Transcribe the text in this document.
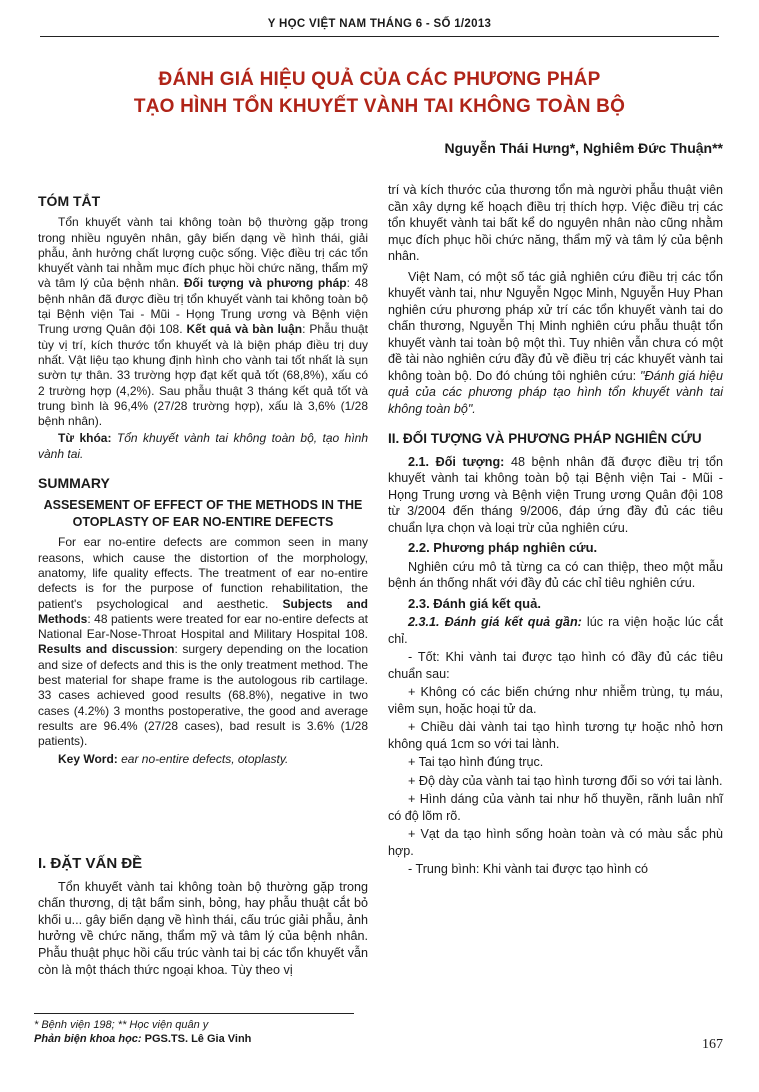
Y HỌC VIỆT NAM THÁNG 6 - SỐ 1/2013
ĐÁNH GIÁ HIỆU QUẢ CỦA CÁC PHƯƠNG PHÁP
TẠO HÌNH TỔN KHUYẾT VÀNH TAI KHÔNG TOÀN BỘ
Nguyễn Thái Hưng*, Nghiêm Đức Thuận**

TÓM TẮT

Tổn khuyết vành tai không toàn bộ thường gặp trong trong nhiều nguyên nhân, gây biến dạng về hình thái, giải phẫu, ảnh hưởng chất lượng cuộc sống. Việc điều trị các tổn khuyết vành tai nhằm mục đích phục hồi chức năng, thẩm mỹ và tâm lý của bệnh nhân. Đối tượng và phương pháp: 48 bệnh nhân đã được điều trị tổn khuyết vành tai không toàn bộ tại Bệnh viện Tai - Mũi - Họng Trung ương và Bệnh viện Trung ương Quân đội 108. Kết quả và bàn luận: Phẫu thuật tùy vị trí, kích thước tổn khuyết và là biện pháp điều trị duy nhất. Vật liệu tạo khung định hình cho vành tai tốt nhất là sụn sườn tự thân. 33 trường hợp đạt kết quả tốt (68,8%), xấu có 2 trường hợp (4,2%). Sau phẫu thuật 3 tháng kết quả tốt và trung bình là 96,4% (27/28 trường hợp), xấu là 3,6% (1/28 bệnh nhân).

Từ khóa: Tổn khuyết vành tai không toàn bộ, tạo hình vành tai.

SUMMARY

ASSESEMENT OF EFFECT OF THE METHODS IN THE OTOPLASTY OF EAR NO-ENTIRE DEFECTS

For ear no-entire defects are common seen in many reasons, which cause the distortion of the morphology, anatomy, life quality effects. The treatment of ear no-entire defects is for the purpose of function rehabilitation, the patient's psychological and aesthetic. Subjects and Methods: 48 patients were treated for ear no-entire defects at National Ear-Nose-Throat Hospital and Military Hospital 108. Results and discussion: surgery depending on the location and size of defects and this is the only treatment method. The best material for shape frame is the autologous rib cartilage. 33 cases achieved good results (68.8%), negative in two cases (4.2%) 3 months postoperative, the good and average results are 96.4% (27/28 cases), bad result is 3.6% (1/28 patients).

Key Word: ear no-entire defects, otoplasty.

I. ĐẶT VẤN ĐỀ

Tổn khuyết vành tai không toàn bộ thường gặp trong chấn thương, dị tật bẩm sinh, bỏng, hay phẫu thuật cắt bỏ khối u... gây biến dạng về hình thái, cấu trúc giải phẫu, ảnh hưởng về chức năng, thẩm mỹ và tâm lý của bệnh nhân. Phẫu thuật phục hồi cấu trúc vành tai bị các tổn khuyết vẫn còn là một thách thức ngoại khoa. Tùy theo vị

trí và kích thước của thương tổn mà người phẫu thuật viên cần xây dựng kế hoạch điều trị thích hợp. Việc điều trị các tổn khuyết vành tai bất kể do nguyên nhân nào cũng nhằm mục đích phục hồi chức năng, thẩm mỹ và tâm lý của bệnh nhân.

Việt Nam, có một số tác giả nghiên cứu điều trị các tổn khuyết vành tai, như Nguyễn Ngọc Minh, Nguyễn Huy Phan nghiên cứu phương pháp xử trí các tổn khuyết vành tai do chấn thương, Nguyễn Thị Minh nghiên cứu phẫu thuật tổn khuyết vành tai toàn bộ một thì. Tuy nhiên vẫn chưa có một đề tài nào nghiên cứu đầy đủ về điều trị các khuyết vành tai không toàn bộ. Do đó chúng tôi nghiên cứu: "Đánh giá hiệu quả của các phương pháp tạo hình tổn khuyết vành tai không toàn bộ".

II. ĐỐI TƯỢNG VÀ PHƯƠNG PHÁP NGHIÊN CỨU

2.1. Đối tượng: 48 bệnh nhân đã được điều trị tổn khuyết vành tai không toàn bộ tại Bệnh viện Tai - Mũi - Họng Trung ương và Bệnh viện Trung ương Quân đội 108 từ 3/2004 đến tháng 9/2006, đáp ứng đầy đủ các tiêu chuẩn lựa chọn và loại trừ của nghiên cứu.

2.2. Phương pháp nghiên cứu.

Nghiên cứu mô tả từng ca có can thiệp, theo một mẫu bệnh án thống nhất với đầy đủ các chỉ tiêu nghiên cứu.

2.3. Đánh giá kết quả.

2.3.1. Đánh giá kết quả gần: lúc ra viện hoặc lúc cắt chỉ.

- Tốt: Khi vành tai được tạo hình có đầy đủ các tiêu chuẩn sau:

+ Không có các biến chứng như nhiễm trùng, tụ máu, viêm sụn, hoặc hoại tử da.

+ Chiều dài vành tai tạo hình tương tự hoặc nhỏ hơn không quá 1cm so với tai lành.

+ Tai tạo hình đúng trục.

+ Độ dày của vành tai tạo hình tương đối so với tai lành.

+ Hình dáng của vành tai như hố thuyền, rãnh luân nhĩ có độ lõm rõ.

+ Vạt da tạo hình sống hoàn toàn và có màu sắc phù hợp.

- Trung bình: Khi vành tai được tạo hình có

* Bệnh viện 198; ** Học viện quân y
Phản biện khoa học: PGS.TS. Lê Gia Vinh	167
